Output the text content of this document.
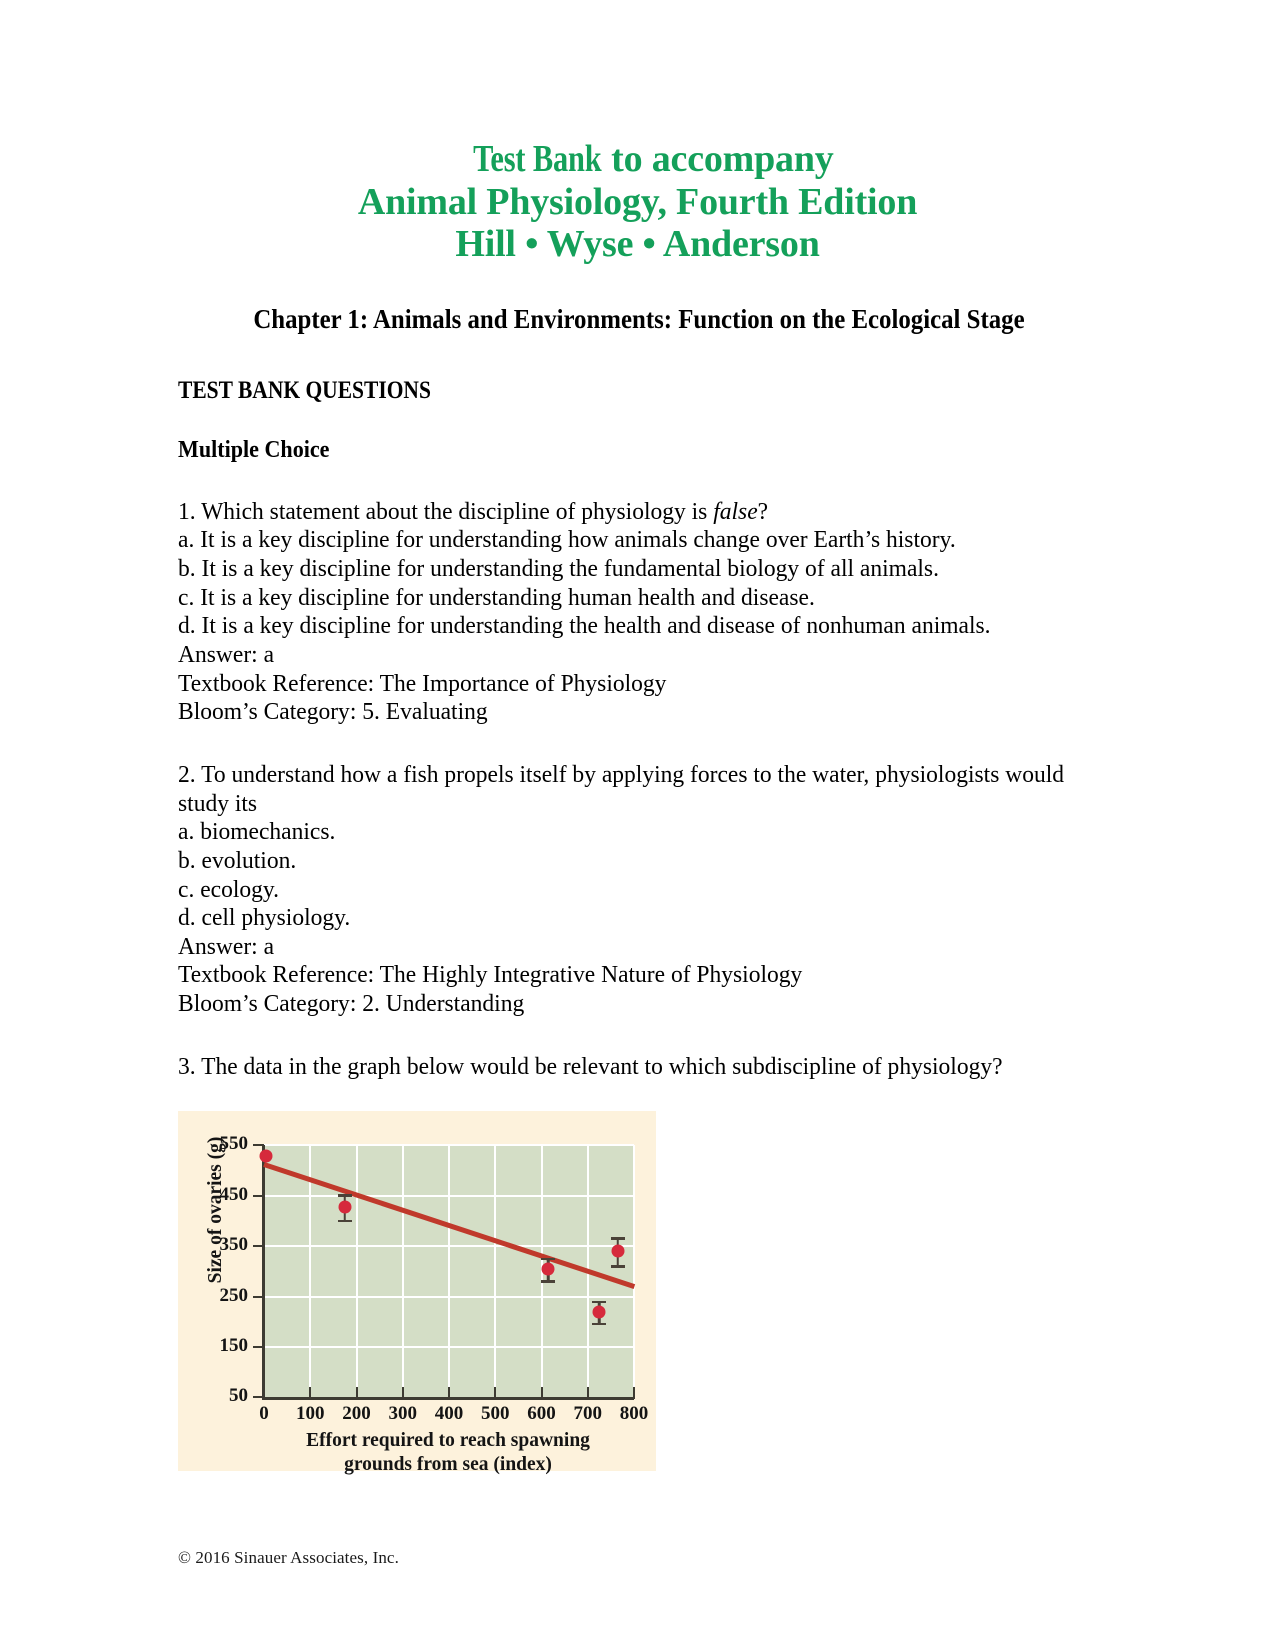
Test Bank to accompany
Animal Physiology, Fourth Edition
Hill • Wyse • Anderson
Chapter 1: Animals and Environments: Function on the Ecological Stage
TEST BANK QUESTIONS
Multiple Choice
1. Which statement about the discipline of physiology is false?
a. It is a key discipline for understanding how animals change over Earth’s history.
b. It is a key discipline for understanding the fundamental biology of all animals.
c. It is a key discipline for understanding human health and disease.
d. It is a key discipline for understanding the health and disease of nonhuman animals.
Answer: a
Textbook Reference: The Importance of Physiology
Bloom’s Category: 5. Evaluating
2. To understand how a fish propels itself by applying forces to the water, physiologists would study its
a. biomechanics.
b. evolution.
c. ecology.
d. cell physiology.
Answer: a
Textbook Reference: The Highly Integrative Nature of Physiology
Bloom’s Category: 2. Understanding
3. The data in the graph below would be relevant to which subdiscipline of physiology?
Size of ovaries (g)
Effort required to reach spawning
grounds from sea (index)
50
150
250
350
450
550
0	100 200 300 400 500 600 700 800
© 2016 Sinauer Associates, Inc.
